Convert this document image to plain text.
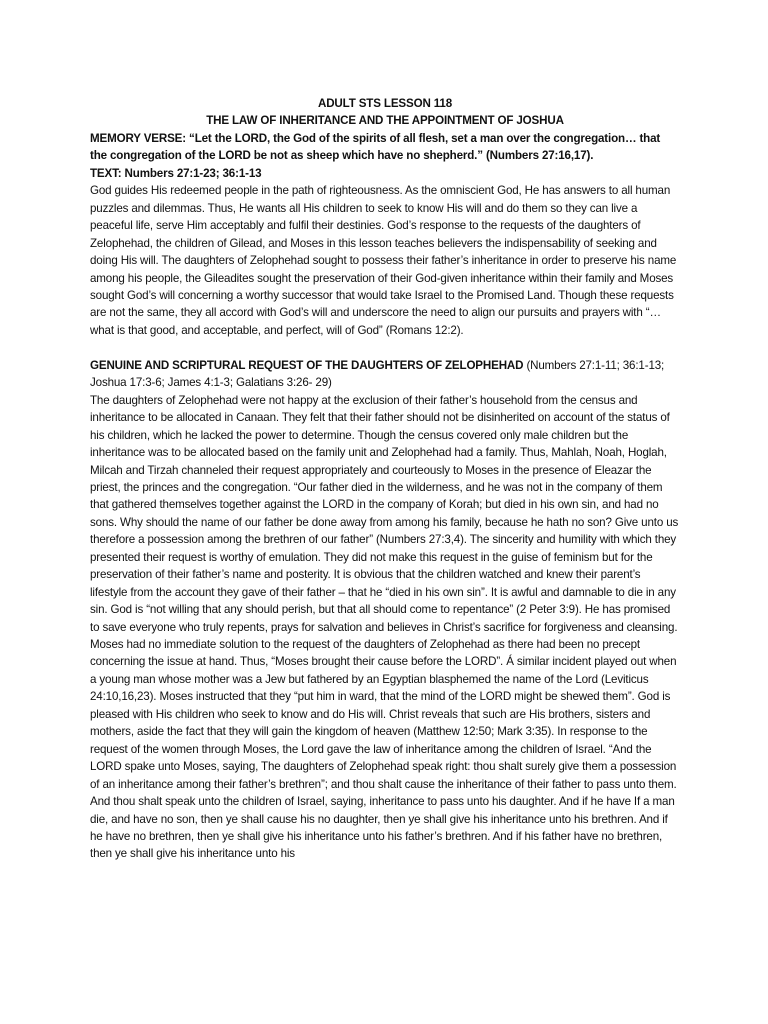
ADULT STS LESSON 118

THE LAW OF INHERITANCE AND THE APPOINTMENT OF JOSHUA

MEMORY VERSE: “Let the LORD, the God of the spirits of all flesh, set a man over the congregation… that the congregation of the LORD be not as sheep which have no shepherd.” (Numbers 27:16,17).

TEXT: Numbers 27:1-23; 36:1-13

God guides His redeemed people in the path of righteousness. As the omniscient God, He has answers to all human puzzles and dilemmas. Thus, He wants all His children to seek to know His will and do them so they can live a peaceful life, serve Him acceptably and fulfil their destinies. God’s response to the requests of the daughters of Zelophehad, the children of Gilead, and Moses in this lesson teaches believers the indispensability of seeking and doing His will. The daughters of Zelophehad sought to possess their father’s inheritance in order to preserve his name among his people, the Gileadites sought the preservation of their God-given inheritance within their family and Moses sought God’s will concerning a worthy successor that would take Israel to the Promised Land. Though these requests are not the same, they all accord with God’s will and underscore the need to align our pursuits and prayers with “…what is that good, and acceptable, and perfect, will of God” (Romans 12:2).

GENUINE AND SCRIPTURAL REQUEST OF THE DAUGHTERS OF ZELOPHEHAD (Numbers 27:1-11; 36:1-13; Joshua 17:3-6; James 4:1-3; Galatians 3:26- 29)

The daughters of Zelophehad were not happy at the exclusion of their father’s household from the census and inheritance to be allocated in Canaan. They felt that their father should not be disinherited on account of the status of his children, which he lacked the power to determine. Though the census covered only male children but the inheritance was to be allocated based on the family unit and Zelophehad had a family. Thus, Mahlah, Noah, Hoglah, Milcah and Tirzah channeled their request appropriately and courteously to Moses in the presence of Eleazar the priest, the princes and the congregation. “Our father died in the wilderness, and he was not in the company of them that gathered themselves together against the LORD in the company of Korah; but died in his own sin, and had no sons. Why should the name of our father be done away from among his family, because he hath no son? Give unto us therefore a possession among the brethren of our father” (Numbers 27:3,4). The sincerity and humility with which they presented their request is worthy of emulation. They did not make this request in the guise of feminism but for the preservation of their father’s name and posterity. It is obvious that the children watched and knew their parent’s lifestyle from the account they gave of their father – that he “died in his own sin”. It is awful and damnable to die in any sin. God is “not willing that any should perish, but that all should come to repentance” (2 Peter 3:9). He has promised to save everyone who truly repents, prays for salvation and believes in Christ’s sacrifice for forgiveness and cleansing. Moses had no immediate solution to the request of the daughters of Zelophehad as there had been no precept concerning the issue at hand. Thus, “Moses brought their cause before the LORD”. Á similar incident played out when a young man whose mother was a Jew but fathered by an Egyptian blasphemed the name of the Lord (Leviticus 24:10,16,23). Moses instructed that they “put him in ward, that the mind of the LORD might be shewed them”. God is pleased with His children who seek to know and do His will. Christ reveals that such are His brothers, sisters and mothers, aside the fact that they will gain the kingdom of heaven (Matthew 12:50; Mark 3:35). In response to the request of the women through Moses, the Lord gave the law of inheritance among the children of Israel. “And the LORD spake unto Moses, saying, The daughters of Zelophehad speak right: thou shalt surely give them a possession of an inheritance among their father’s brethren”; and thou shalt cause the inheritance of their father to pass unto them. And thou shalt speak unto the children of Israel, saying, inheritance to pass unto his daughter. And if he have If a man die, and have no son, then ye shall cause his no daughter, then ye shall give his inheritance unto his brethren. And if he have no brethren, then ye shall give his inheritance unto his father’s brethren. And if his father have no brethren, then ye shall give his inheritance unto his
